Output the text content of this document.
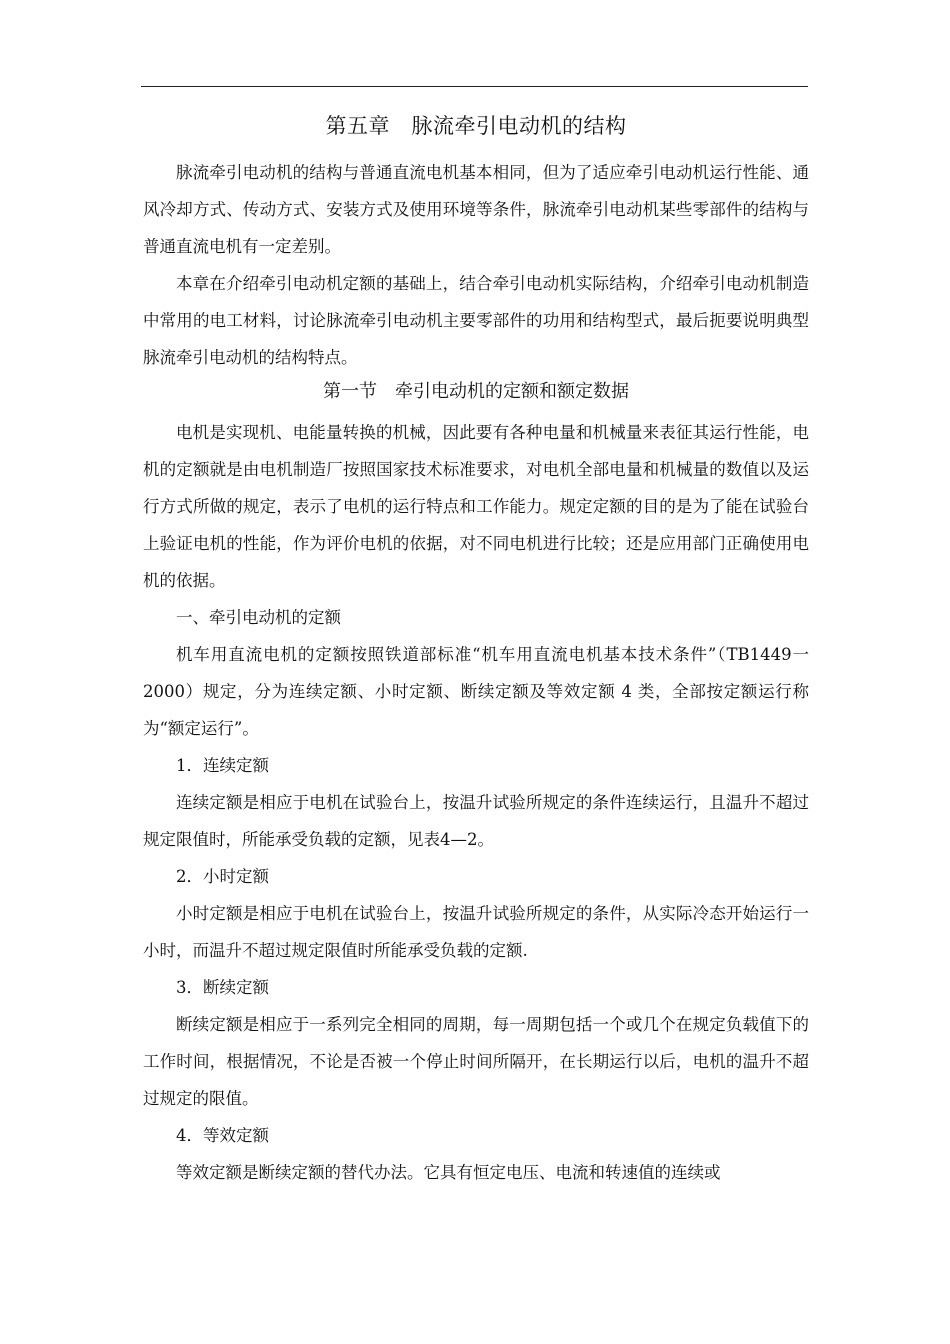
第五章　脉流牵引电动机的结构

脉流牵引电动机的结构与普通直流电机基本相同，但为了适应牵引电动机运行性能、通风冷却方式、传动方式、安装方式及使用环境等条件，脉流牵引电动机某些零部件的结构与普通直流电机有一定差别。

本章在介绍牵引电动机定额的基础上，结合牵引电动机实际结构，介绍牵引电动机制造中常用的电工材料，讨论脉流牵引电动机主要零部件的功用和结构型式，最后扼要说明典型脉流牵引电动机的结构特点。

第一节　牵引电动机的定额和额定数据

电机是实现机、电能量转换的机械，因此要有各种电量和机械量来表征其运行性能，电机的定额就是由电机制造厂按照国家技术标准要求，对电机全部电量和机械量的数值以及运行方式所做的规定，表示了电机的运行特点和工作能力。规定定额的目的是为了能在试验台上验证电机的性能，作为评价电机的依据，对不同电机进行比较；还是应用部门正确使用电机的依据。

一、牵引电动机的定额

机车用直流电机的定额按照铁道部标准“机车用直流电机基本技术条件”（TB1449一2000）规定，分为连续定额、小时定额、断续定额及等效定额 4 类，全部按定额运行称为“额定运行”。

1．连续定额

连续定额是相应于电机在试验台上，按温升试验所规定的条件连续运行，且温升不超过规定限值时，所能承受负载的定额，见表4—2。

2．小时定额

小时定额是相应于电机在试验台上，按温升试验所规定的条件，从实际冷态开始运行一小时，而温升不超过规定限值时所能承受负载的定额.

3．断续定额

断续定额是相应于一系列完全相同的周期，每一周期包括一个或几个在规定负载值下的工作时间，根据情况，不论是否被一个停止时间所隔开，在长期运行以后，电机的温升不超过规定的限值。

4．等效定额

等效定额是断续定额的替代办法。它具有恒定电压、电流和转速值的连续或
